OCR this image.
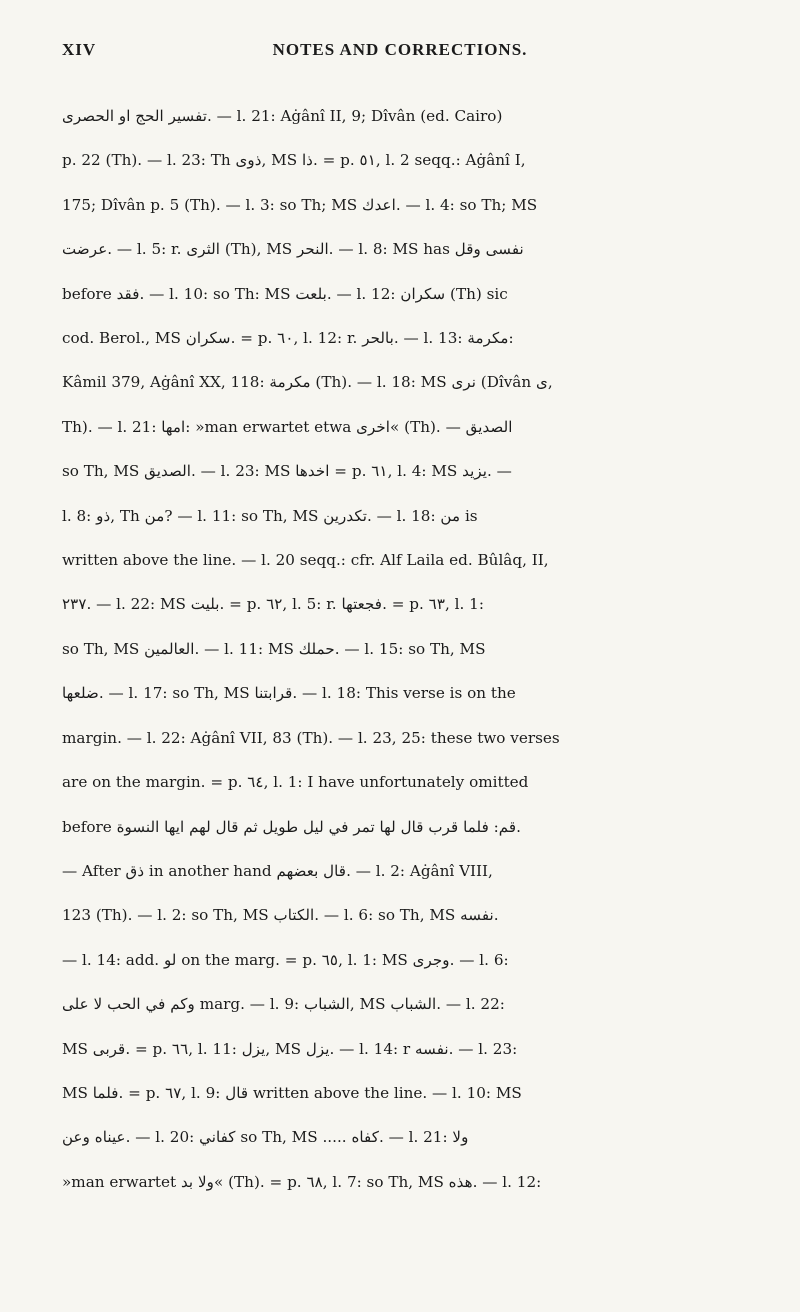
XIV	NOTES AND CORRECTIONS.
تفسير الحج او الحصرى. — l. 21: Aġânî II, 9; Dîvân (ed. Cairo)
p. 22 (Th). — l. 23: Th ذوى, MS ذا. = p. ٥١, l. 2 seqq.: Aġânî I,
175; Dîvân p. 5 (Th). — l. 3: so Th; MS اعدك. — l. 4: so Th; MS
عرضت. — l. 5: r. الثرى (Th), MS النحر. — l. 8: MS has نفسى وقل
before فقد. — l. 10: so Th: MS بلعت. — l. 12: سكران (Th) sic
cod. Berol., MS سكران. = p. ٦٠, l. 12: r. بالحر. — l. 13: مكرمة:
Kâmil 379, Aġânî XX, 118: مكرمة (Th). — l. 18: MS نرى (Dîvân ى,
Th). — l. 21: امها: »man erwartet etwa اخرى« (Th). — الصديق
so Th, MS الصديق. — l. 23: MS اخدها = p. ٦١, l. 4: MS يزيد. —
l. 8: ذو, Th من? — l. 11: so Th, MS تكدرين. — l. 18: من is
written above the line. — l. 20 seqq.: cfr. Alf Laila ed. Bûlâq, II,
٢٣٧. — l. 22: MS بليت. = p. ٦٢, l. 5: r. فجعتها. = p. ٦٣, l. 1:
so Th, MS العالمين. — l. 11: MS حملك. — l. 15: so Th, MS
ضلعها. — l. 17: so Th, MS قرابتنا. — l. 18: This verse is on the
margin. — l. 22: Aġânî VII, 83 (Th). — l. 23, 25: these two verses
are on the margin. = p. ٦٤, l. 1: I have unfortunately omitted
before قم: فلما قرب قال لها تمر في ليل طويل ثم قال لهم ايها النسوة.
— After ذق in another hand قال بعضهم. — l. 2: Aġânî VIII,
123 (Th). — l. 2: so Th, MS الكتاب. — l. 6: so Th, MS نفسه.
— l. 14: add. لو on the marg. = p. ٦٥, l. 1: MS وجرى. — l. 6:
وكم في الحب لا على marg. — l. 9: الشباب, MS الشباب. — l. 22:
MS قربى. = p. ٦٦, l. 11: يزل, MS يزل. — l. 14: r نفسه. — l. 23:
MS فلما. = p. ٦٧, l. 9: قال written above the line. — l. 10: MS
عيناه وعن. — l. 20: كفاني so Th, MS ..... كفاه. — l. 21: ولا
»man erwartet ولا بد« (Th). = p. ٦٨, l. 7: so Th, MS هذه. — l. 12:
